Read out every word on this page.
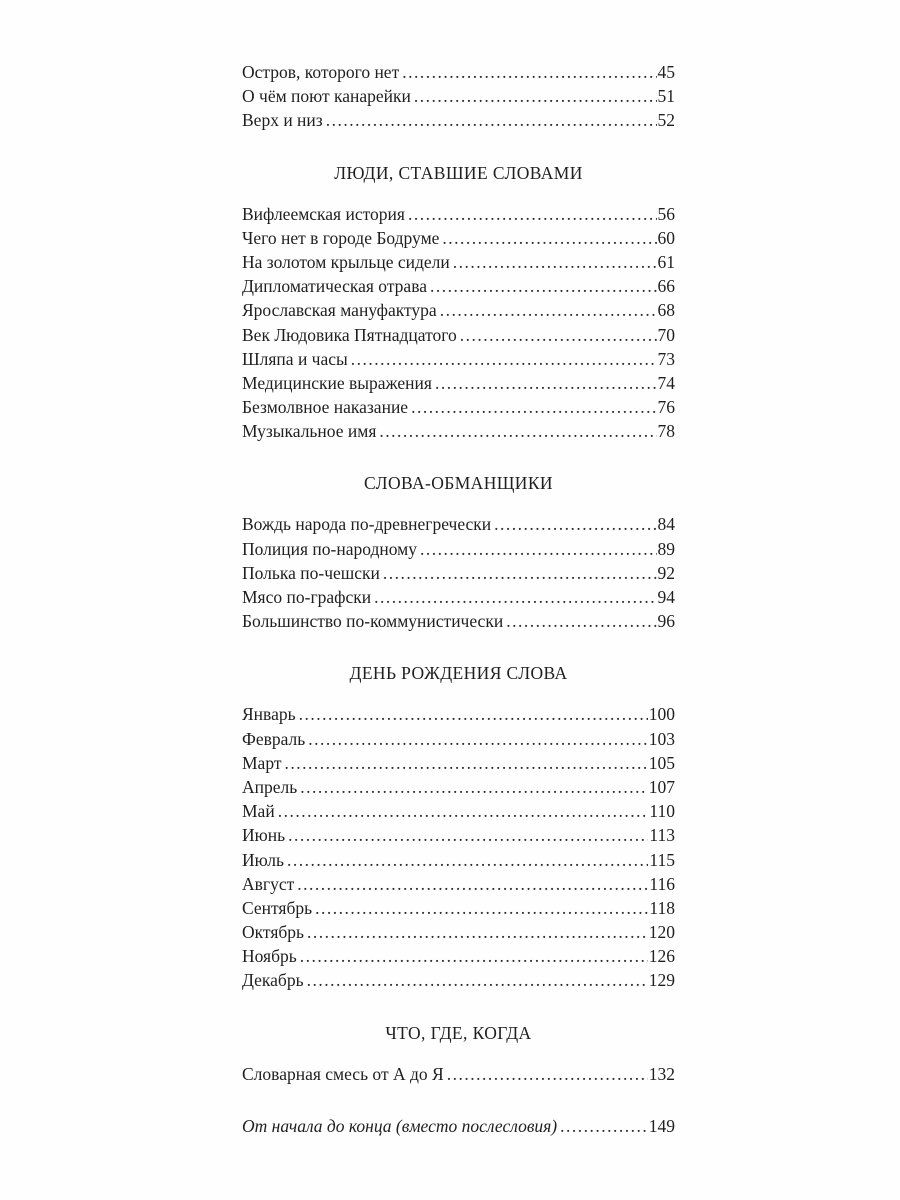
Остров, которого нет .....	45
О чём поют канарейки .....	51
Верх и низ .....	52
ЛЮДИ, СТАВШИЕ СЛОВАМИ
Вифлеемская история .....	56
Чего нет в городе Бодруме .....	60
На золотом крыльце сидели .....	61
Дипломатическая отрава .....	66
Ярославская мануфактура .....	68
Век Людовика Пятнадцатого .....	70
Шляпа и часы .....	73
Медицинские выражения .....	74
Безмолвное наказание .....	76
Музыкальное имя .....	78
СЛОВА-ОБМАНЩИКИ
Вождь народа по-древнегречески .....	84
Полиция по-народному .....	89
Полька по-чешски .....	92
Мясо по-графски .....	94
Большинство по-коммунистически .....	96
ДЕНЬ РОЖДЕНИЯ СЛОВА
Январь .....	100
Февраль .....	103
Март .....	105
Апрель .....	107
Май .....	110
Июнь .....	113
Июль .....	115
Август .....	116
Сентябрь .....	118
Октябрь .....	120
Ноябрь .....	126
Декабрь .....	129
ЧТО, ГДЕ, КОГДА
Словарная смесь от А до Я .....	132
От начала до конца (вместо послесловия) .....	149
